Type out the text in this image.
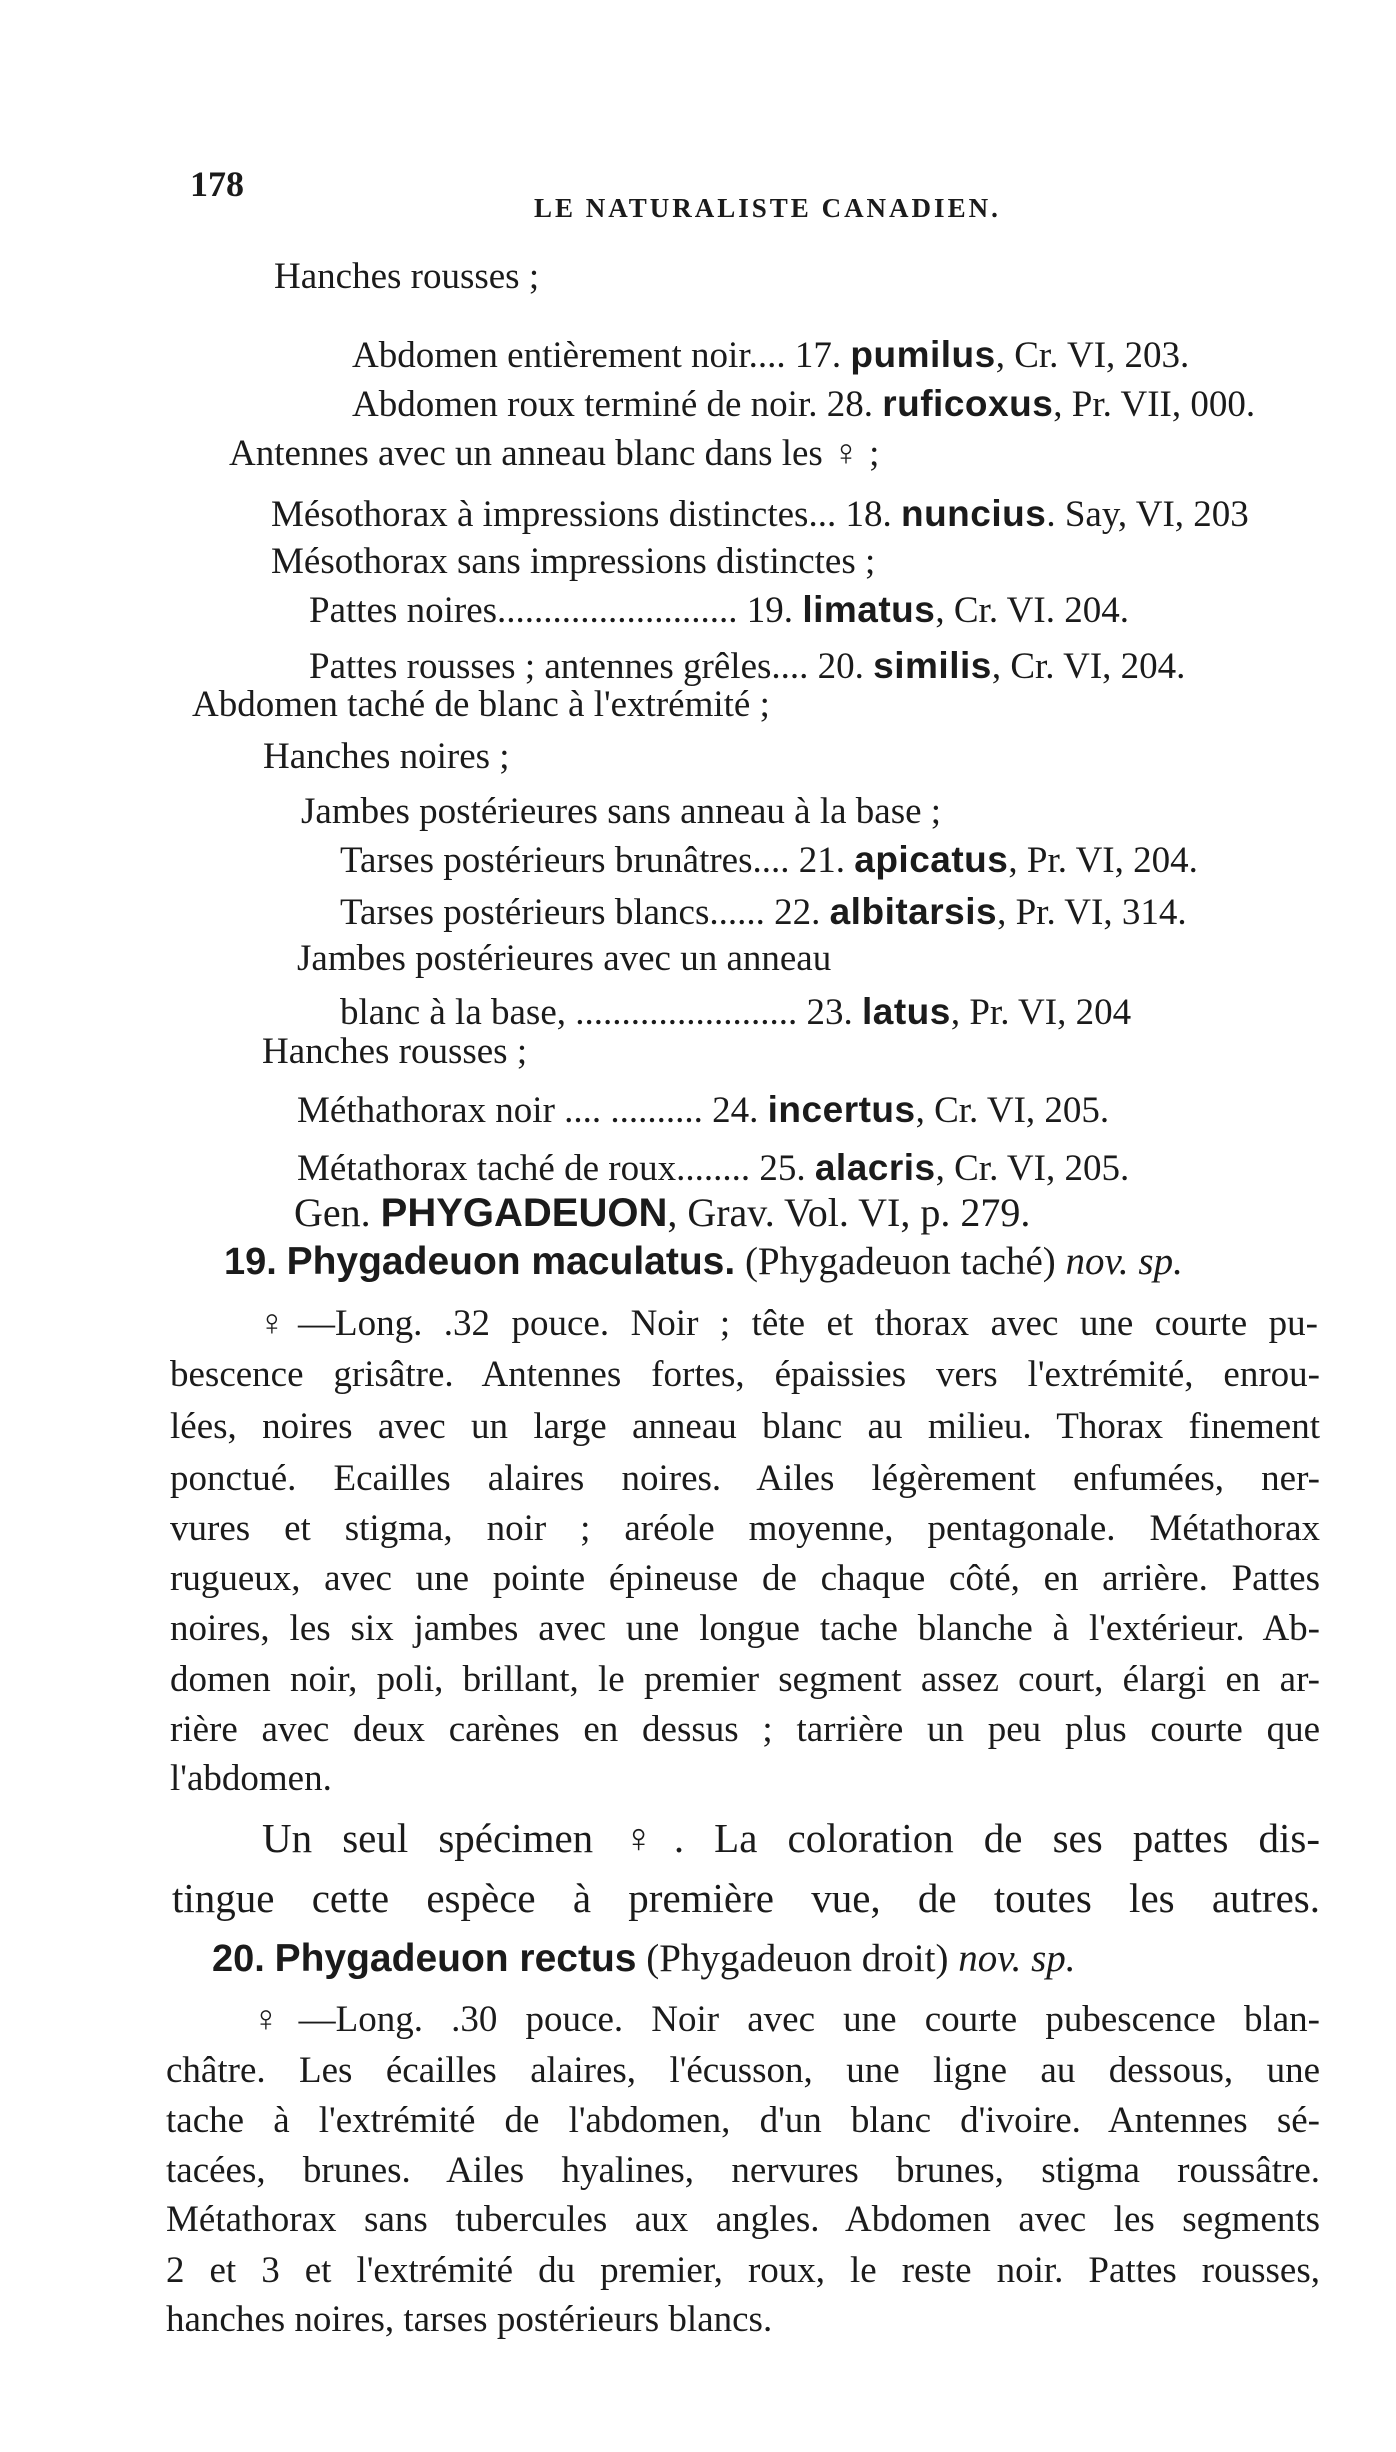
178
LE NATURALISTE CANADIEN.
Hanches rousses ;
Abdomen entièrement noir.... 17. pumilus, Cr. VI, 203.
Abdomen roux terminé de noir. 28. ruficoxus, Pr. VII, 000.
Antennes avec un anneau blanc dans les ♀ ;
Mésothorax à impressions distinctes... 18. nuncius. Say, VI, 203
Mésothorax sans impressions distinctes ;
Pattes noires.......................... 19. limatus, Cr. VI. 204.
Pattes rousses ; antennes grêles.... 20. similis, Cr. VI, 204.
Abdomen taché de blanc à l'extrémité ;
Hanches noires ;
Jambes postérieures sans anneau à la base ;
Tarses postérieurs brunâtres.... 21. apicatus, Pr. VI, 204.
Tarses postérieurs blancs...... 22. albitarsis, Pr. VI, 314.
Jambes postérieures avec un anneau
blanc à la base, ........................ 23. latus, Pr. VI, 204
Hanches rousses ;
Méthathorax noir .... .......... 24. incertus, Cr. VI, 205.
Métathorax taché de roux........ 25. alacris, Cr. VI, 205.
Gen. PHYGADEUON, Grav. Vol. VI, p. 279.
19. Phygadeuon maculatus. (Phygadeuon taché) nov. sp.
♀—Long. .32 pouce. Noir ; tête et thorax avec une courte pu-
bescence grisâtre. Antennes fortes, épaissies vers l'extrémité, enrou-
lées, noires avec un large anneau blanc au milieu. Thorax finement
ponctué. Ecailles alaires noires. Ailes légèrement enfumées, ner-
vures et stigma, noir ; aréole moyenne, pentagonale. Métathorax
rugueux, avec une pointe épineuse de chaque côté, en arrière. Pattes
noires, les six jambes avec une longue tache blanche à l'extérieur. Ab-
domen noir, poli, brillant, le premier segment assez court, élargi en ar-
rière avec deux carènes en dessus ; tarrière un peu plus courte que
l'abdomen.
Un seul spécimen ♀. La coloration de ses pattes dis-
tingue cette espèce à première vue, de toutes les autres.
20. Phygadeuon rectus (Phygadeuon droit) nov. sp.
♀—Long. .30 pouce. Noir avec une courte pubescence blan-
châtre. Les écailles alaires, l'écusson, une ligne au dessous, une
tache à l'extrémité de l'abdomen, d'un blanc d'ivoire. Antennes sé-
tacées, brunes. Ailes hyalines, nervures brunes, stigma roussâtre.
Métathorax sans tubercules aux angles. Abdomen avec les segments
2 et 3 et l'extrémité du premier, roux, le reste noir. Pattes rousses,
hanches noires, tarses postérieurs blancs.
